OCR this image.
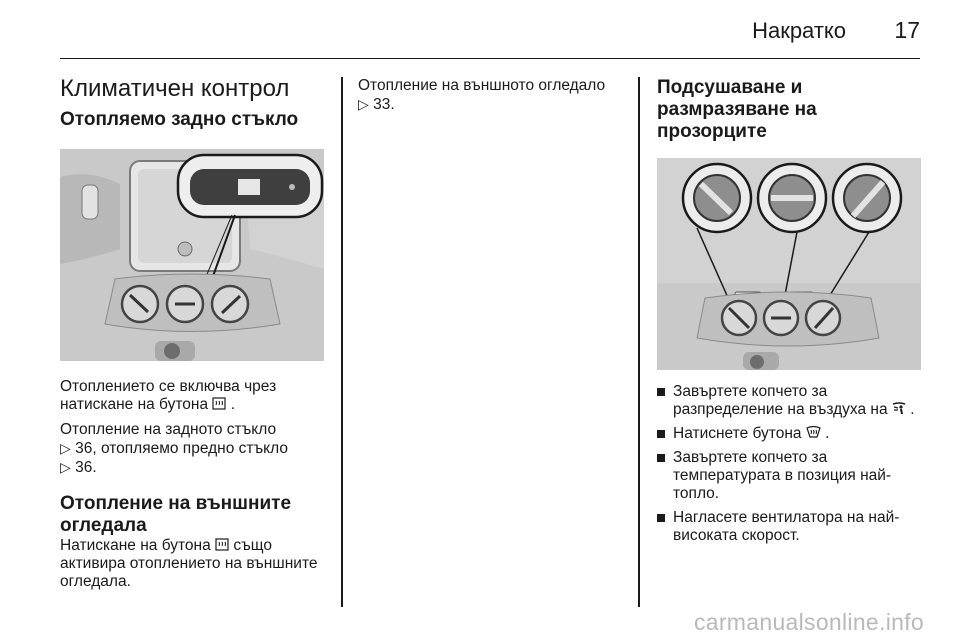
Накратко 17
Климатичен контрол
Отопляемо задно стъкло

Отоплението се включва чрез натискане на бутона .

Отопление на задното стъкло
▷ 36, отопляемо предно стъкло
▷ 36.

Отопление на външните огледала

Натискане на бутона също активира отоплението на външните огледала.

Отопление на външното огледало
▷ 33.

Подсушаване и размразяване на прозорците
Завъртете копчето за разпределение на въздуха на .
Натиснете бутона .
Завъртете копчето за температурата в позиция най-топло.
Нагласете вентилатора на най-високата скорост.
carmanualsonline.info
